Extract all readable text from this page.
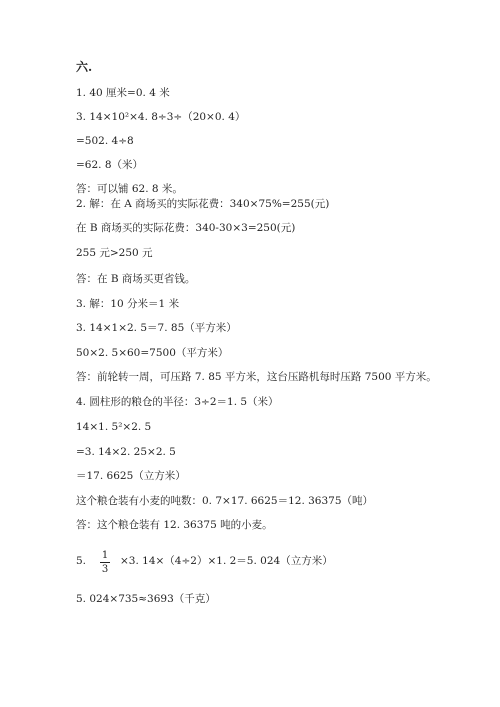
六.
1. 40 厘米=0. 4 米
3. 14×10²×4. 8÷3÷（20×0. 4）
=502. 4÷8
=62. 8（米）
答：可以铺 62. 8 米。
2. 解：在 A 商场买的实际花费：340×75%=255(元)
在 B 商场买的实际花费：340-30×3=250(元)
255 元>250 元
答：在 B 商场买更省钱。
3. 解：10 分米＝1 米
3. 14×1×2. 5＝7. 85（平方米）
50×2. 5×60=7500（平方米）
答：前轮转一周，可压路 7. 85 平方米，这台压路机每时压路 7500 平方米。
4. 圆柱形的粮仓的半径：3÷2＝1. 5（米）
14×1. 5²×2. 5
=3. 14×2. 25×2. 5
＝17. 6625（立方米）
这个粮仓装有小麦的吨数：0. 7×17. 6625＝12. 36375（吨）
答：这个粮仓装有 12. 36375 吨的小麦。
5. $\frac{1}{3} \times 3$. 14×（4÷2）×1. 2＝5. 024（立方米）
5. 024×735≈3693（千克）
